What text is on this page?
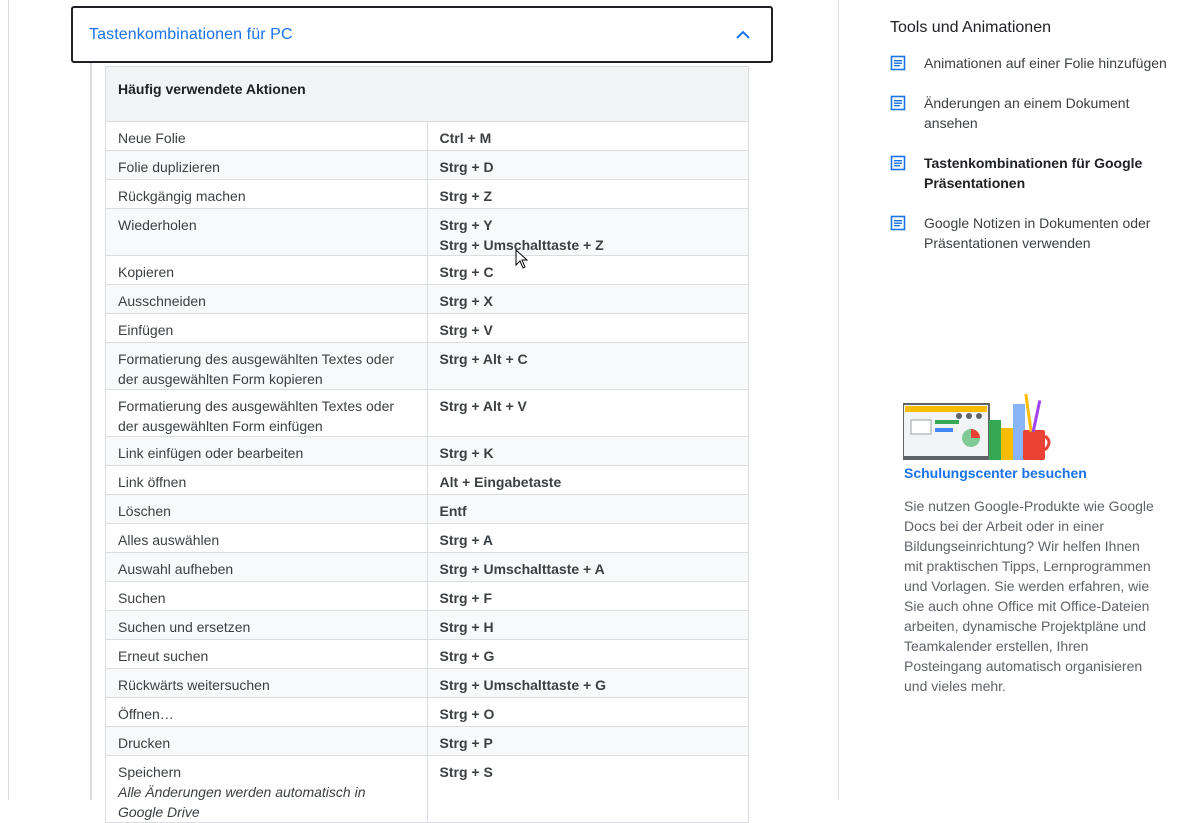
Tastenkombinationen für PC
Häufig verwendete Aktionen	

Neue Folie	Ctrl + M

Folie duplizieren	Strg + D

Rückgängig machen	Strg + Z

Wiederholen	Strg + Y
Strg + Umschalttaste + Z

Kopieren	Strg + C

Ausschneiden	Strg + X

Einfügen	Strg + V

Formatierung des ausgewählten Textes oder der ausgewählten Form kopieren	Strg + Alt + C

Formatierung des ausgewählten Textes oder der ausgewählten Form einfügen	Strg + Alt + V

Link einfügen oder bearbeiten	Strg + K

Link öffnen	Alt + Eingabetaste

Löschen	Entf

Alles auswählen	Strg + A

Auswahl aufheben	Strg + Umschalttaste + A

Suchen	Strg + F

Suchen und ersetzen	Strg + H

Erneut suchen	Strg + G

Rückwärts weitersuchen	Strg + Umschalttaste + G

Öffnen…	Strg + O

Drucken	Strg + P

Speichern
Alle Änderungen werden automatisch in Google Drive	Strg + S
Tools und Animationen
Animationen auf einer Folie hinzufügen
Änderungen an einem Dokument ansehen
Tastenkombinationen für Google Präsentationen
Google Notizen in Dokumenten oder Präsentationen verwenden
Schulungscenter besuchen
Sie nutzen Google-Produkte wie Google Docs bei der Arbeit oder in einer Bildungseinrichtung? Wir helfen Ihnen mit praktischen Tipps, Lernprogrammen und Vorlagen. Sie werden erfahren, wie Sie auch ohne Office mit Office-Dateien arbeiten, dynamische Projektpläne und Teamkalender erstellen, Ihren Posteingang automatisch organisieren und vieles mehr.
